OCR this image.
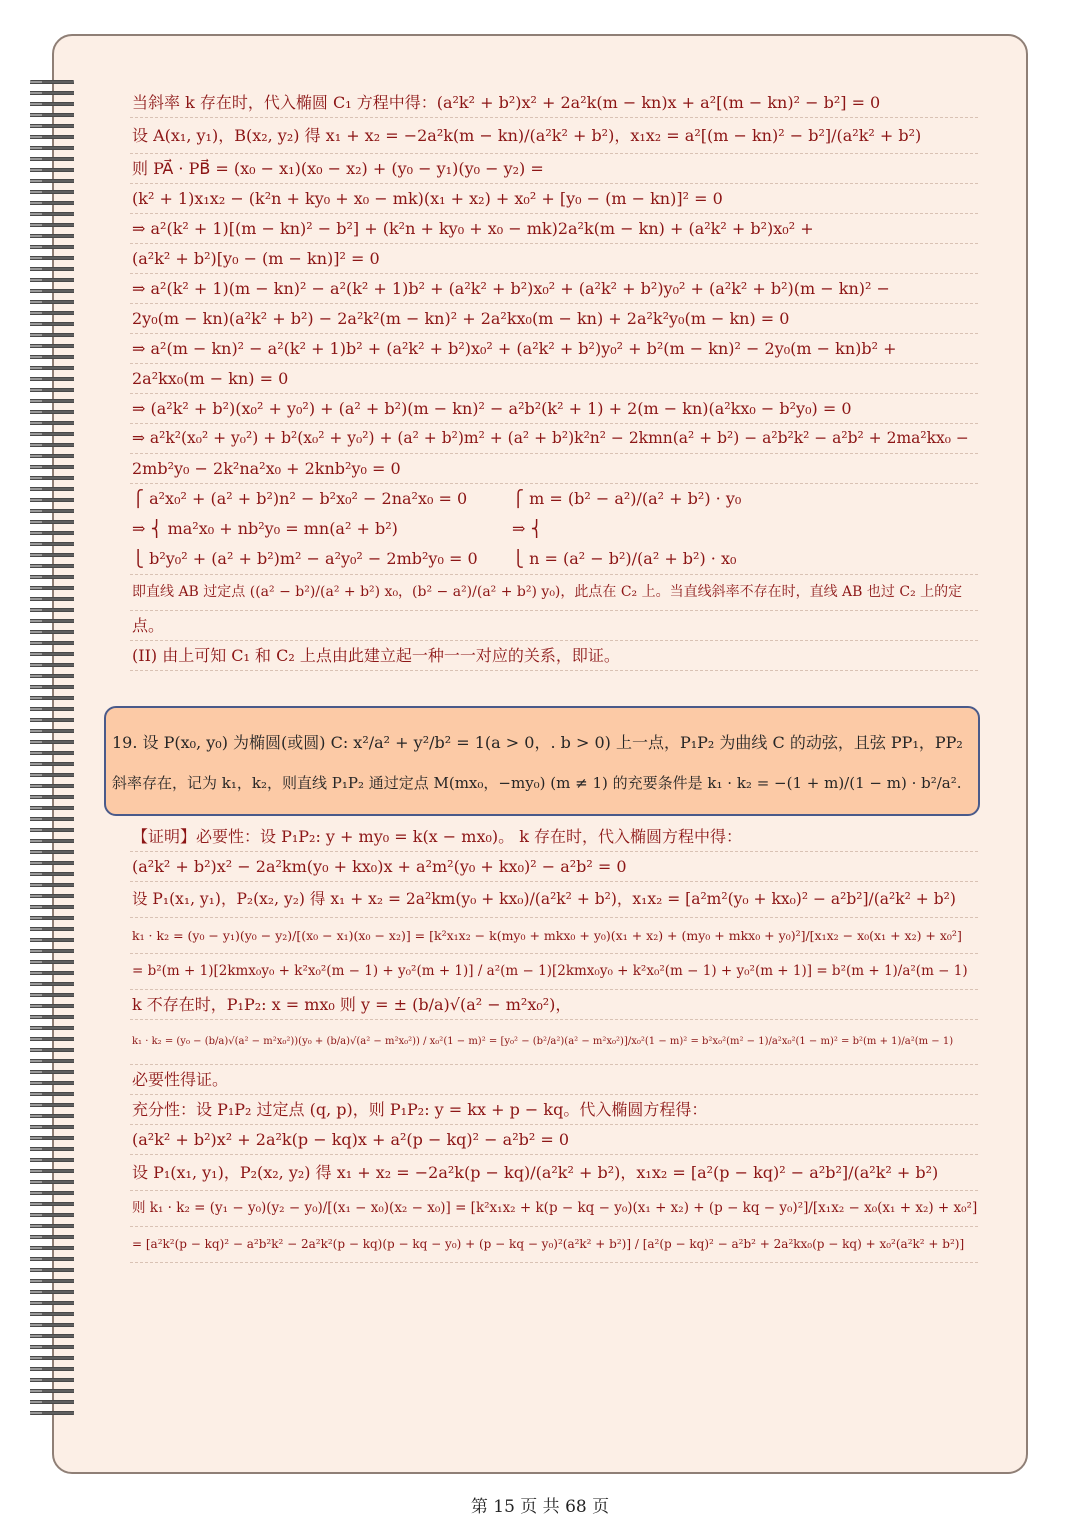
当斜率 k 存在时，代入椭圆 C₁ 方程中得：(a²k² + b²)x² + 2a²k(m − kn)x + a²[(m − kn)² − b²] = 0
设 A(x₁, y₁)，B(x₂, y₂) 得 x₁ + x₂ = −2a²k(m − kn)/(a²k² + b²)，x₁x₂ = a²[(m − kn)² − b²]/(a²k² + b²)
则 PA⃗ · PB⃗ = (x₀ − x₁)(x₀ − x₂) + (y₀ − y₁)(y₀ − y₂) =
(k² + 1)x₁x₂ − (k²n + ky₀ + x₀ − mk)(x₁ + x₂) + x₀² + [y₀ − (m − kn)]² = 0
⇒ a²(k² + 1)[(m − kn)² − b²] + (k²n + ky₀ + x₀ − mk)2a²k(m − kn) + (a²k² + b²)x₀² +
(a²k² + b²)[y₀ − (m − kn)]² = 0
⇒ a²(k² + 1)(m − kn)² − a²(k² + 1)b² + (a²k² + b²)x₀² + (a²k² + b²)y₀² + (a²k² + b²)(m − kn)² −
2y₀(m − kn)(a²k² + b²) − 2a²k²(m − kn)² + 2a²kx₀(m − kn) + 2a²k²y₀(m − kn) = 0
⇒ a²(m − kn)² − a²(k² + 1)b² + (a²k² + b²)x₀² + (a²k² + b²)y₀² + b²(m − kn)² − 2y₀(m − kn)b² +
2a²kx₀(m − kn) = 0
⇒ (a²k² + b²)(x₀² + y₀²) + (a² + b²)(m − kn)² − a²b²(k² + 1) + 2(m − kn)(a²kx₀ − b²y₀) = 0
⇒ a²k²(x₀² + y₀²) + b²(x₀² + y₀²) + (a² + b²)m² + (a² + b²)k²n² − 2kmn(a² + b²) − a²b²k² − a²b² + 2ma²kx₀ −
2mb²y₀ − 2k²na²x₀ + 2knb²y₀ = 0
⎧ a²x₀² + (a² + b²)n² − b²x₀² − 2na²x₀ = 0
⇒ ⎨ ma²x₀ + nb²y₀ = mn(a² + b²)
⎩ b²y₀² + (a² + b²)m² − a²y₀² − 2mb²y₀ = 0
⎧ m = (b² − a²)/(a² + b²) · y₀
⇒ ⎨
⎩ n = (a² − b²)/(a² + b²) · x₀
即直线 AB 过定点 ((a² − b²)/(a² + b²) x₀，(b² − a²)/(a² + b²) y₀)，此点在 C₂ 上。当直线斜率不存在时，直线 AB 也过 C₂ 上的定
点。
(II) 由上可知 C₁ 和 C₂ 上点由此建立起一种一一对应的关系，即证。
19. 设 P(x₀, y₀) 为椭圆(或圆) C: x²/a² + y²/b² = 1(a > 0，. b > 0) 上一点，P₁P₂ 为曲线 C 的动弦，且弦 PP₁，PP₂
斜率存在，记为 k₁，k₂，则直线 P₁P₂ 通过定点 M(mx₀，−my₀) (m ≠ 1) 的充要条件是 k₁ · k₂ = −(1 + m)/(1 − m) · b²/a².
【证明】必要性：设 P₁P₂: y + my₀ = k(x − mx₀)。 k 存在时，代入椭圆方程中得：
(a²k² + b²)x² − 2a²km(y₀ + kx₀)x + a²m²(y₀ + kx₀)² − a²b² = 0
设 P₁(x₁, y₁)，P₂(x₂, y₂) 得 x₁ + x₂ = 2a²km(y₀ + kx₀)/(a²k² + b²)，x₁x₂ = [a²m²(y₀ + kx₀)² − a²b²]/(a²k² + b²)
k₁ · k₂ = (y₀ − y₁)(y₀ − y₂)/[(x₀ − x₁)(x₀ − x₂)] = [k²x₁x₂ − k(my₀ + mkx₀ + y₀)(x₁ + x₂) + (my₀ + mkx₀ + y₀)²]/[x₁x₂ − x₀(x₁ + x₂) + x₀²]
= b²(m + 1)[2kmx₀y₀ + k²x₀²(m − 1) + y₀²(m + 1)] / a²(m − 1)[2kmx₀y₀ + k²x₀²(m − 1) + y₀²(m + 1)] = b²(m + 1)/a²(m − 1)
k 不存在时，P₁P₂: x = mx₀ 则 y = ± (b/a)√(a² − m²x₀²)，
k₁ · k₂ = (y₀ − (b/a)√(a² − m²x₀²))(y₀ + (b/a)√(a² − m²x₀²)) / x₀²(1 − m)² = [y₀² − (b²/a²)(a² − m²x₀²)]/x₀²(1 − m)² = b²x₀²(m² − 1)/a²x₀²(1 − m)² = b²(m + 1)/a²(m − 1)
必要性得证。
充分性：设 P₁P₂ 过定点 (q, p)，则 P₁P₂: y = kx + p − kq。代入椭圆方程得：
(a²k² + b²)x² + 2a²k(p − kq)x + a²(p − kq)² − a²b² = 0
设 P₁(x₁, y₁)，P₂(x₂, y₂) 得 x₁ + x₂ = −2a²k(p − kq)/(a²k² + b²)，x₁x₂ = [a²(p − kq)² − a²b²]/(a²k² + b²)
则 k₁ · k₂ = (y₁ − y₀)(y₂ − y₀)/[(x₁ − x₀)(x₂ − x₀)] = [k²x₁x₂ + k(p − kq − y₀)(x₁ + x₂) + (p − kq − y₀)²]/[x₁x₂ − x₀(x₁ + x₂) + x₀²]
= [a²k²(p − kq)² − a²b²k² − 2a²k²(p − kq)(p − kq − y₀) + (p − kq − y₀)²(a²k² + b²)] / [a²(p − kq)² − a²b² + 2a²kx₀(p − kq) + x₀²(a²k² + b²)]
第 15 页 共 68 页
